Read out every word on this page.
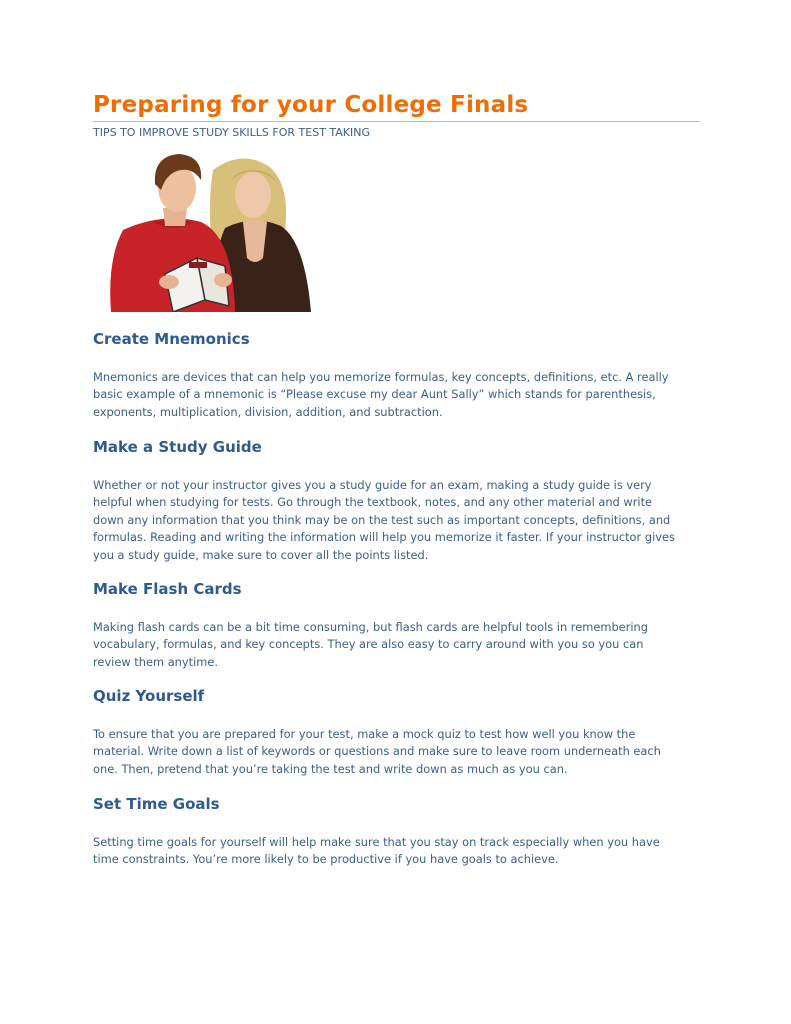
Preparing for your College Finals

TIPS TO IMPROVE STUDY SKILLS FOR TEST TAKING

Create Mnemonics

Mnemonics are devices that can help you memorize formulas, key concepts, definitions, etc. A really
basic example of a mnemonic is “Please excuse my dear Aunt Sally” which stands for parenthesis,
exponents, multiplication, division, addition, and subtraction.

Make a Study Guide

Whether or not your instructor gives you a study guide for an exam, making a study guide is very
helpful when studying for tests. Go through the textbook, notes, and any other material and write
down any information that you think may be on the test such as important concepts, definitions, and
formulas. Reading and writing the information will help you memorize it faster. If your instructor gives
you a study guide, make sure to cover all the points listed.

Make Flash Cards

Making flash cards can be a bit time consuming, but flash cards are helpful tools in remembering
vocabulary, formulas, and key concepts. They are also easy to carry around with you so you can
review them anytime.

Quiz Yourself

To ensure that you are prepared for your test, make a mock quiz to test how well you know the
material. Write down a list of keywords or questions and make sure to leave room underneath each
one. Then, pretend that you’re taking the test and write down as much as you can.

Set Time Goals

Setting time goals for yourself will help make sure that you stay on track especially when you have
time constraints. You’re more likely to be productive if you have goals to achieve.
